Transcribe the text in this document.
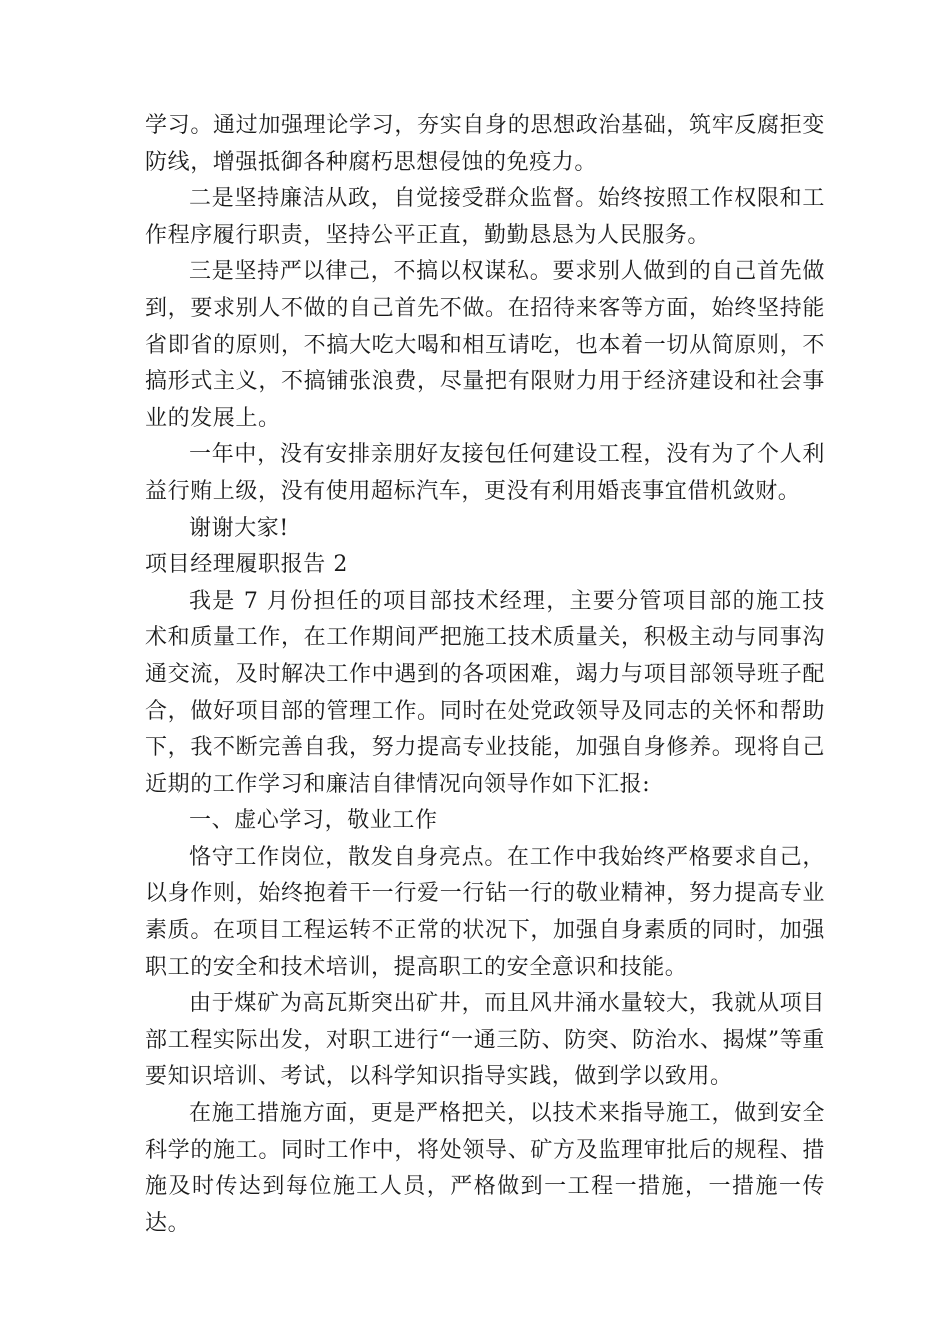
学习。通过加强理论学习，夯实自身的思想政治基础，筑牢反腐拒变防线，增强抵御各种腐朽思想侵蚀的免疫力。

二是坚持廉洁从政，自觉接受群众监督。始终按照工作权限和工作程序履行职责，坚持公平正直，勤勤恳恳为人民服务。

三是坚持严以律己，不搞以权谋私。要求别人做到的自己首先做到，要求别人不做的自己首先不做。在招待来客等方面，始终坚持能省即省的原则，不搞大吃大喝和相互请吃，也本着一切从简原则，不搞形式主义，不搞铺张浪费，尽量把有限财力用于经济建设和社会事业的发展上。

一年中，没有安排亲朋好友接包任何建设工程，没有为了个人利益行贿上级，没有使用超标汽车，更没有利用婚丧事宜借机敛财。

谢谢大家!

项目经理履职报告 2

我是 7 月份担任的项目部技术经理，主要分管项目部的施工技术和质量工作，在工作期间严把施工技术质量关，积极主动与同事沟通交流，及时解决工作中遇到的各项困难，竭力与项目部领导班子配合，做好项目部的管理工作。同时在处党政领导及同志的关怀和帮助下，我不断完善自我，努力提高专业技能，加强自身修养。现将自己近期的工作学习和廉洁自律情况向领导作如下汇报:

一、虚心学习，敬业工作

恪守工作岗位，散发自身亮点。在工作中我始终严格要求自己，以身作则，始终抱着干一行爱一行钻一行的敬业精神，努力提高专业素质。在项目工程运转不正常的状况下，加强自身素质的同时，加强职工的安全和技术培训，提高职工的安全意识和技能。

由于煤矿为高瓦斯突出矿井，而且风井涌水量较大，我就从项目部工程实际出发，对职工进行“一通三防、防突、防治水、揭煤”等重要知识培训、考试，以科学知识指导实践，做到学以致用。

在施工措施方面，更是严格把关，以技术来指导施工，做到安全科学的施工。同时工作中，将处领导、矿方及监理审批后的规程、措施及时传达到每位施工人员，严格做到一工程一措施，一措施一传达。
